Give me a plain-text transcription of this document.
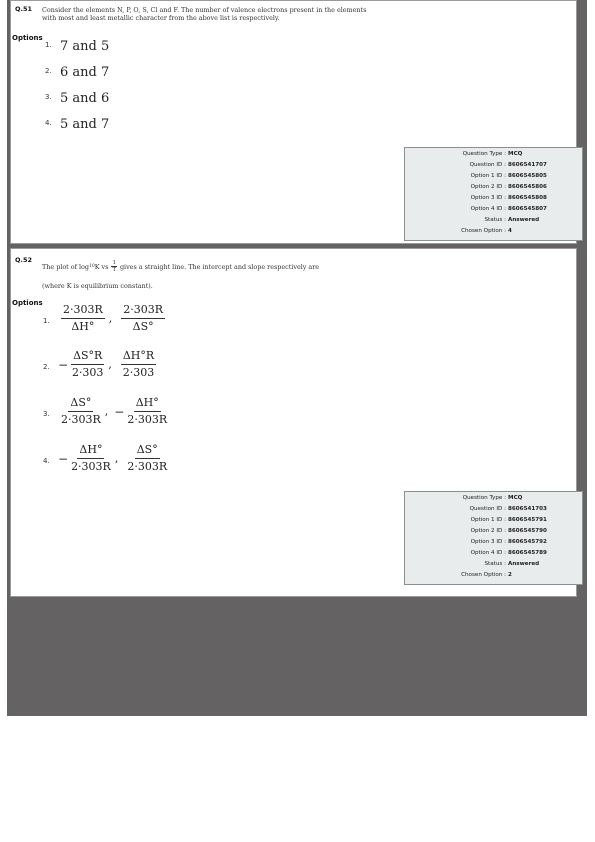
Q.51 Consider the elements N, P, O, S, Cl and F. The number of valence electrons present in the elements
with most and least metallic character from the above list is respectively.
Options
1. 7 and 5
2. 6 and 7
3. 5 and 6
4. 5 and 7
Question Type : MCQ
Question ID : 8606541707
Option 1 ID : 8606545805
Option 2 ID : 8606545806
Option 3 ID : 8606545808
Option 4 ID : 8606545807
Status : Answered
Chosen Option : 4
Q.52
The plot of log 10 K vs $\frac{1}{T}$ gives a straight line. The intercept and slope respectively are
(where K is equilibrium constant).
Options
1. $\frac{2\cdot 303R}{\Delta H^\circ}$ , $\frac{2\cdot 303R}{\Delta S^\circ}$
2. − $\frac{\Delta S^\circ R}{2\cdot 303}$ , $\frac{\Delta H^\circ R}{2\cdot 303}$
3. $\frac{\Delta S^\circ}{2\cdot 303R}$ , − $\frac{\Delta H^\circ}{2\cdot 303R}$
4. − $\frac{\Delta H^\circ}{2\cdot 303R}$ , $\frac{\Delta S^\circ}{2\cdot 303R}$
Question Type : MCQ
Question ID : 8606541703
Option 1 ID : 8606545791
Option 2 ID : 8606545790
Option 3 ID : 8606545792
Option 4 ID : 8606545789
Status : Answered
Chosen Option : 2
